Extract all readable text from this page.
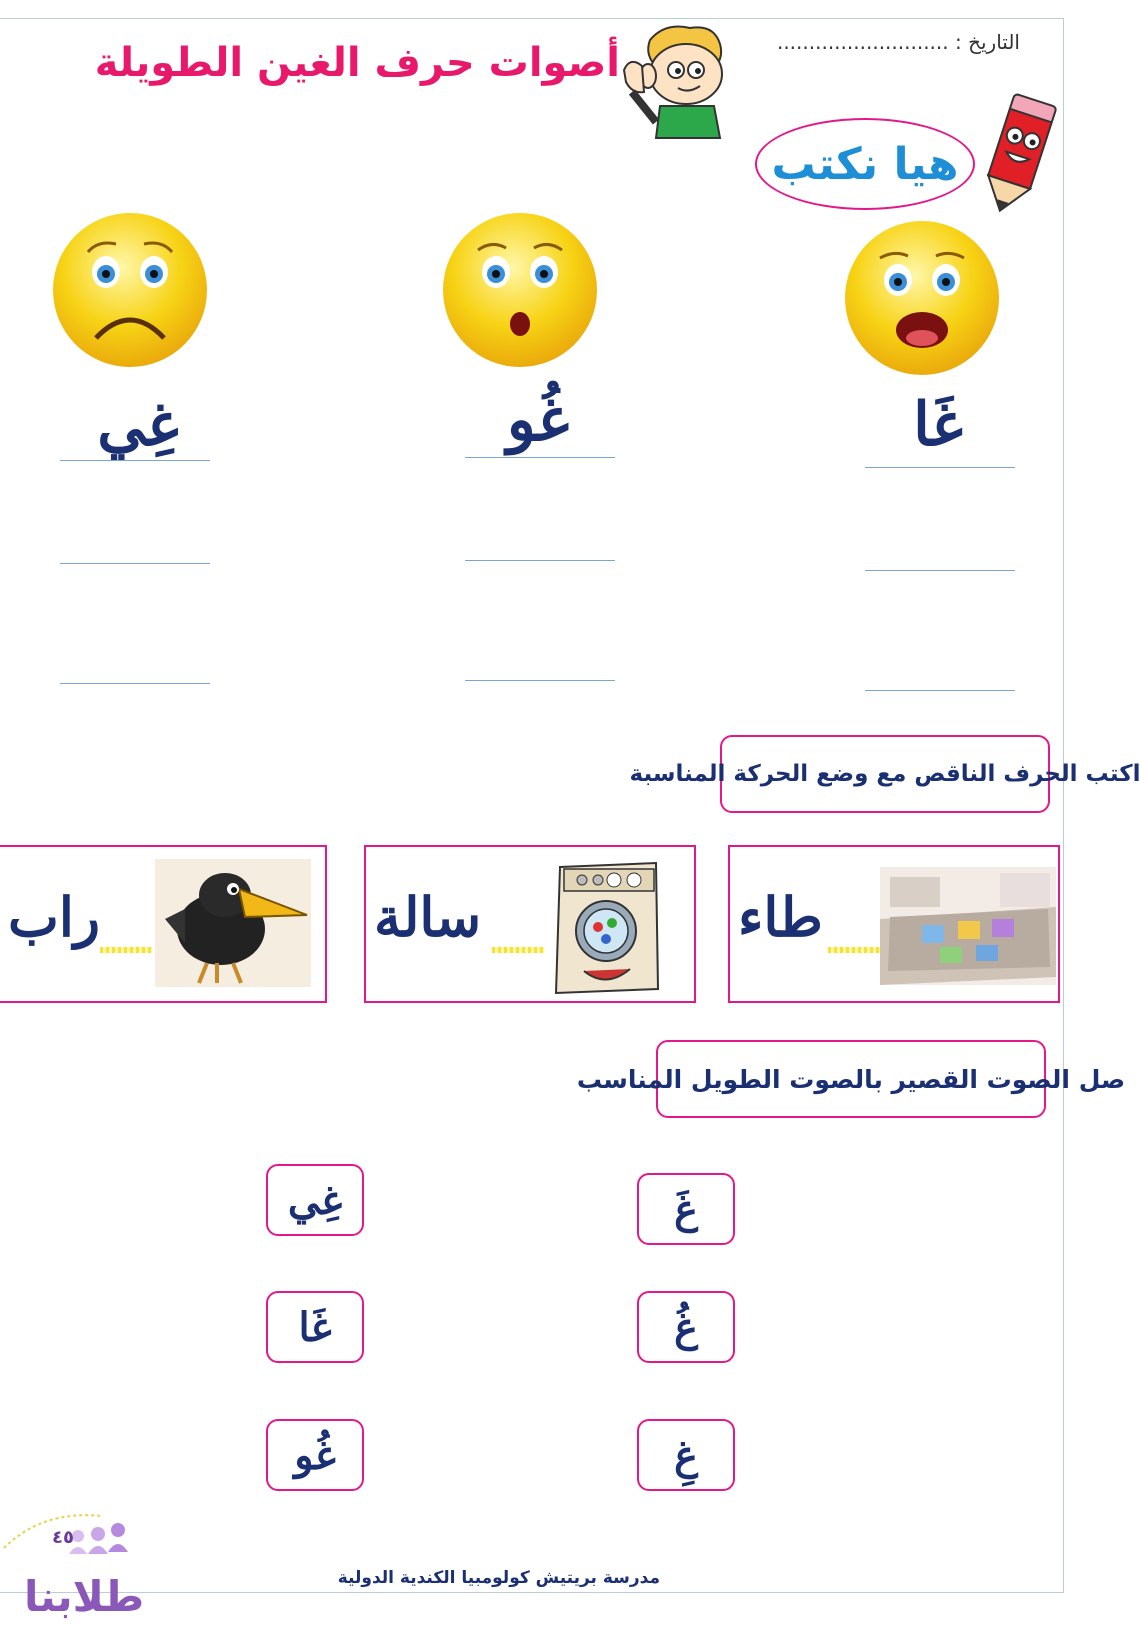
التاريخ : ...........................
أصوات حرف الغين الطويلة
هيا نكتب
غَا
غُو
غِي
اكتب الحرف الناقص مع وضع الحركة المناسبة
طاء
سالة
راب
صل الصوت القصير بالصوت الطويل المناسب
غَ
غُ
غِ
غِي
غَا
غُو
٤٥
طلابنا	مدرسة بريتيش كولومبيا الكندية الدولية
